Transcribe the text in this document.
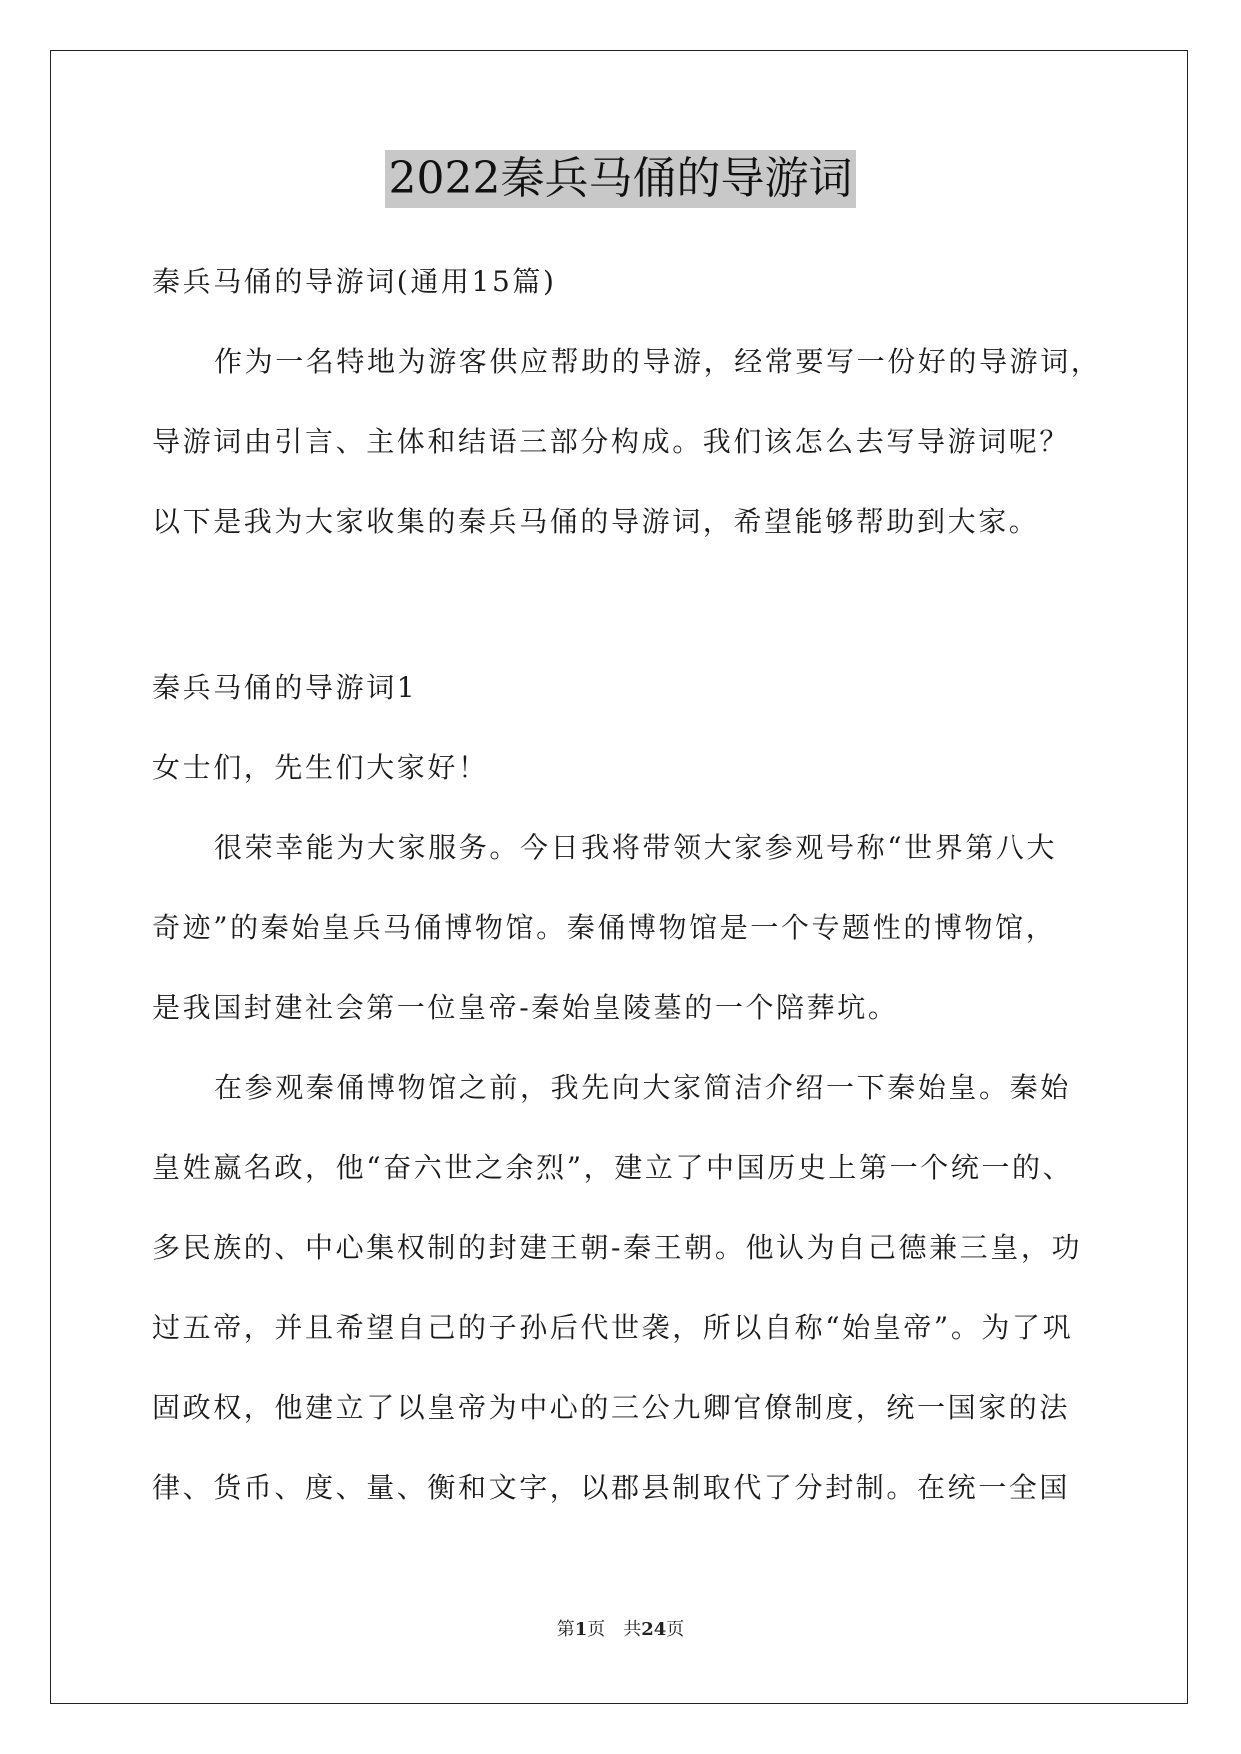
2022秦兵马俑的导游词
秦兵马俑的导游词(通用15篇)
作为一名特地为游客供应帮助的导游，经常要写一份好的导游词，
导游词由引言、主体和结语三部分构成。我们该怎么去写导游词呢？
以下是我为大家收集的秦兵马俑的导游词，希望能够帮助到大家。
秦兵马俑的导游词1
女士们，先生们大家好！
很荣幸能为大家服务。今日我将带领大家参观号称“世界第八大
奇迹”的秦始皇兵马俑博物馆。秦俑博物馆是一个专题性的博物馆，
是我国封建社会第一位皇帝-秦始皇陵墓的一个陪葬坑。
在参观秦俑博物馆之前，我先向大家简洁介绍一下秦始皇。秦始
皇姓嬴名政，他“奋六世之余烈”，建立了中国历史上第一个统一的、
多民族的、中心集权制的封建王朝-秦王朝。他认为自己德兼三皇，功
过五帝，并且希望自己的子孙后代世袭，所以自称“始皇帝”。为了巩
固政权，他建立了以皇帝为中心的三公九卿官僚制度，统一国家的法
律、货币、度、量、衡和文字，以郡县制取代了分封制。在统一全国
第1页 共24页
